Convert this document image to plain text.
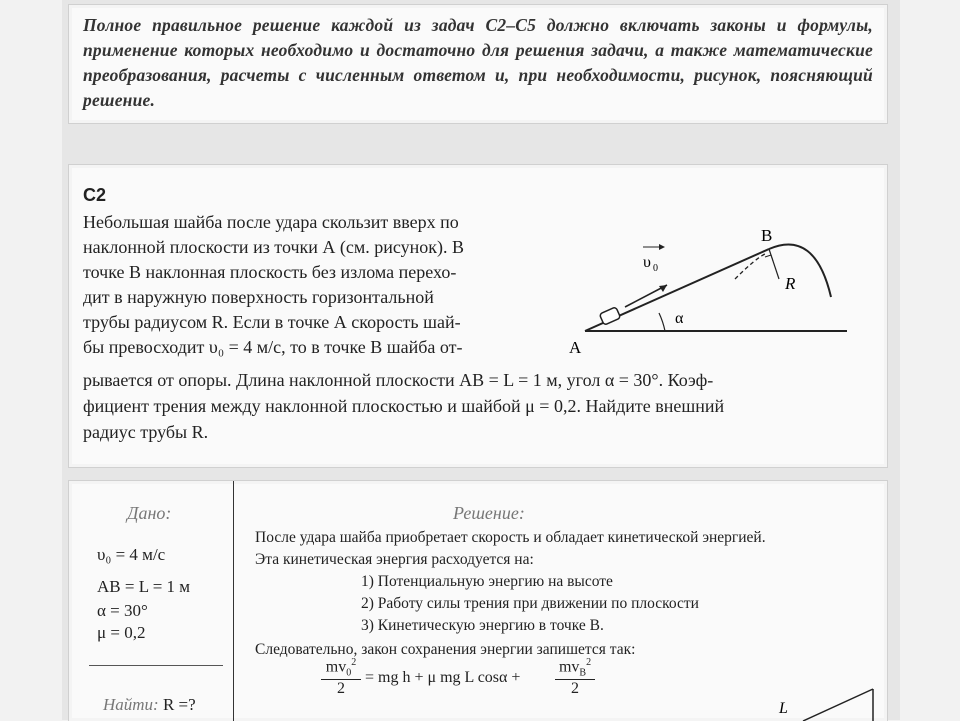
Полное правильное решение каждой из задач С2–С5 должно включать законы и формулы, применение которых необходимо и достаточно для решения задачи, а также математические преобразования, расчеты с численным ответом и, при необходимости, рисунок, поясняющий решение.
С2
Небольшая шайба после удара скользит вверх по
наклонной плоскости из точки А (см. рисунок). В
точке В наклонная плоскость без излома перехо-
дит в наружную поверхность горизонтальной
трубы радиусом R. Если в точке А скорость шай-
бы превосходит υ₀ = 4 м/с, то в точке В шайба от-
рывается от опоры. Длина наклонной плоскости AB = L = 1 м, угол α = 30°. Коэф-
фициент трения между наклонной плоскостью и шайбой μ = 0,2. Найдите внешний
радиус трубы R.
A
B
R
α
υ 0
Дано:
υ₀ = 4 м/с
AB = L = 1 м
α = 30°
μ = 0,2
Найти: R =?
Решение:
После удара шайба приобретает скорость и обладает кинетической энергией.
Эта кинетическая энергия расходуется на:
1) Потенциальную энергию на высоте
2) Работу силы трения при движении по плоскости
3) Кинетическую энергию в точке В.
Следовательно, закон сохранения энергии запишется так:
$\frac{mv_0^2}{2}$ = mg h + μ mg L cosα +
$mv_B^2$
2
L
